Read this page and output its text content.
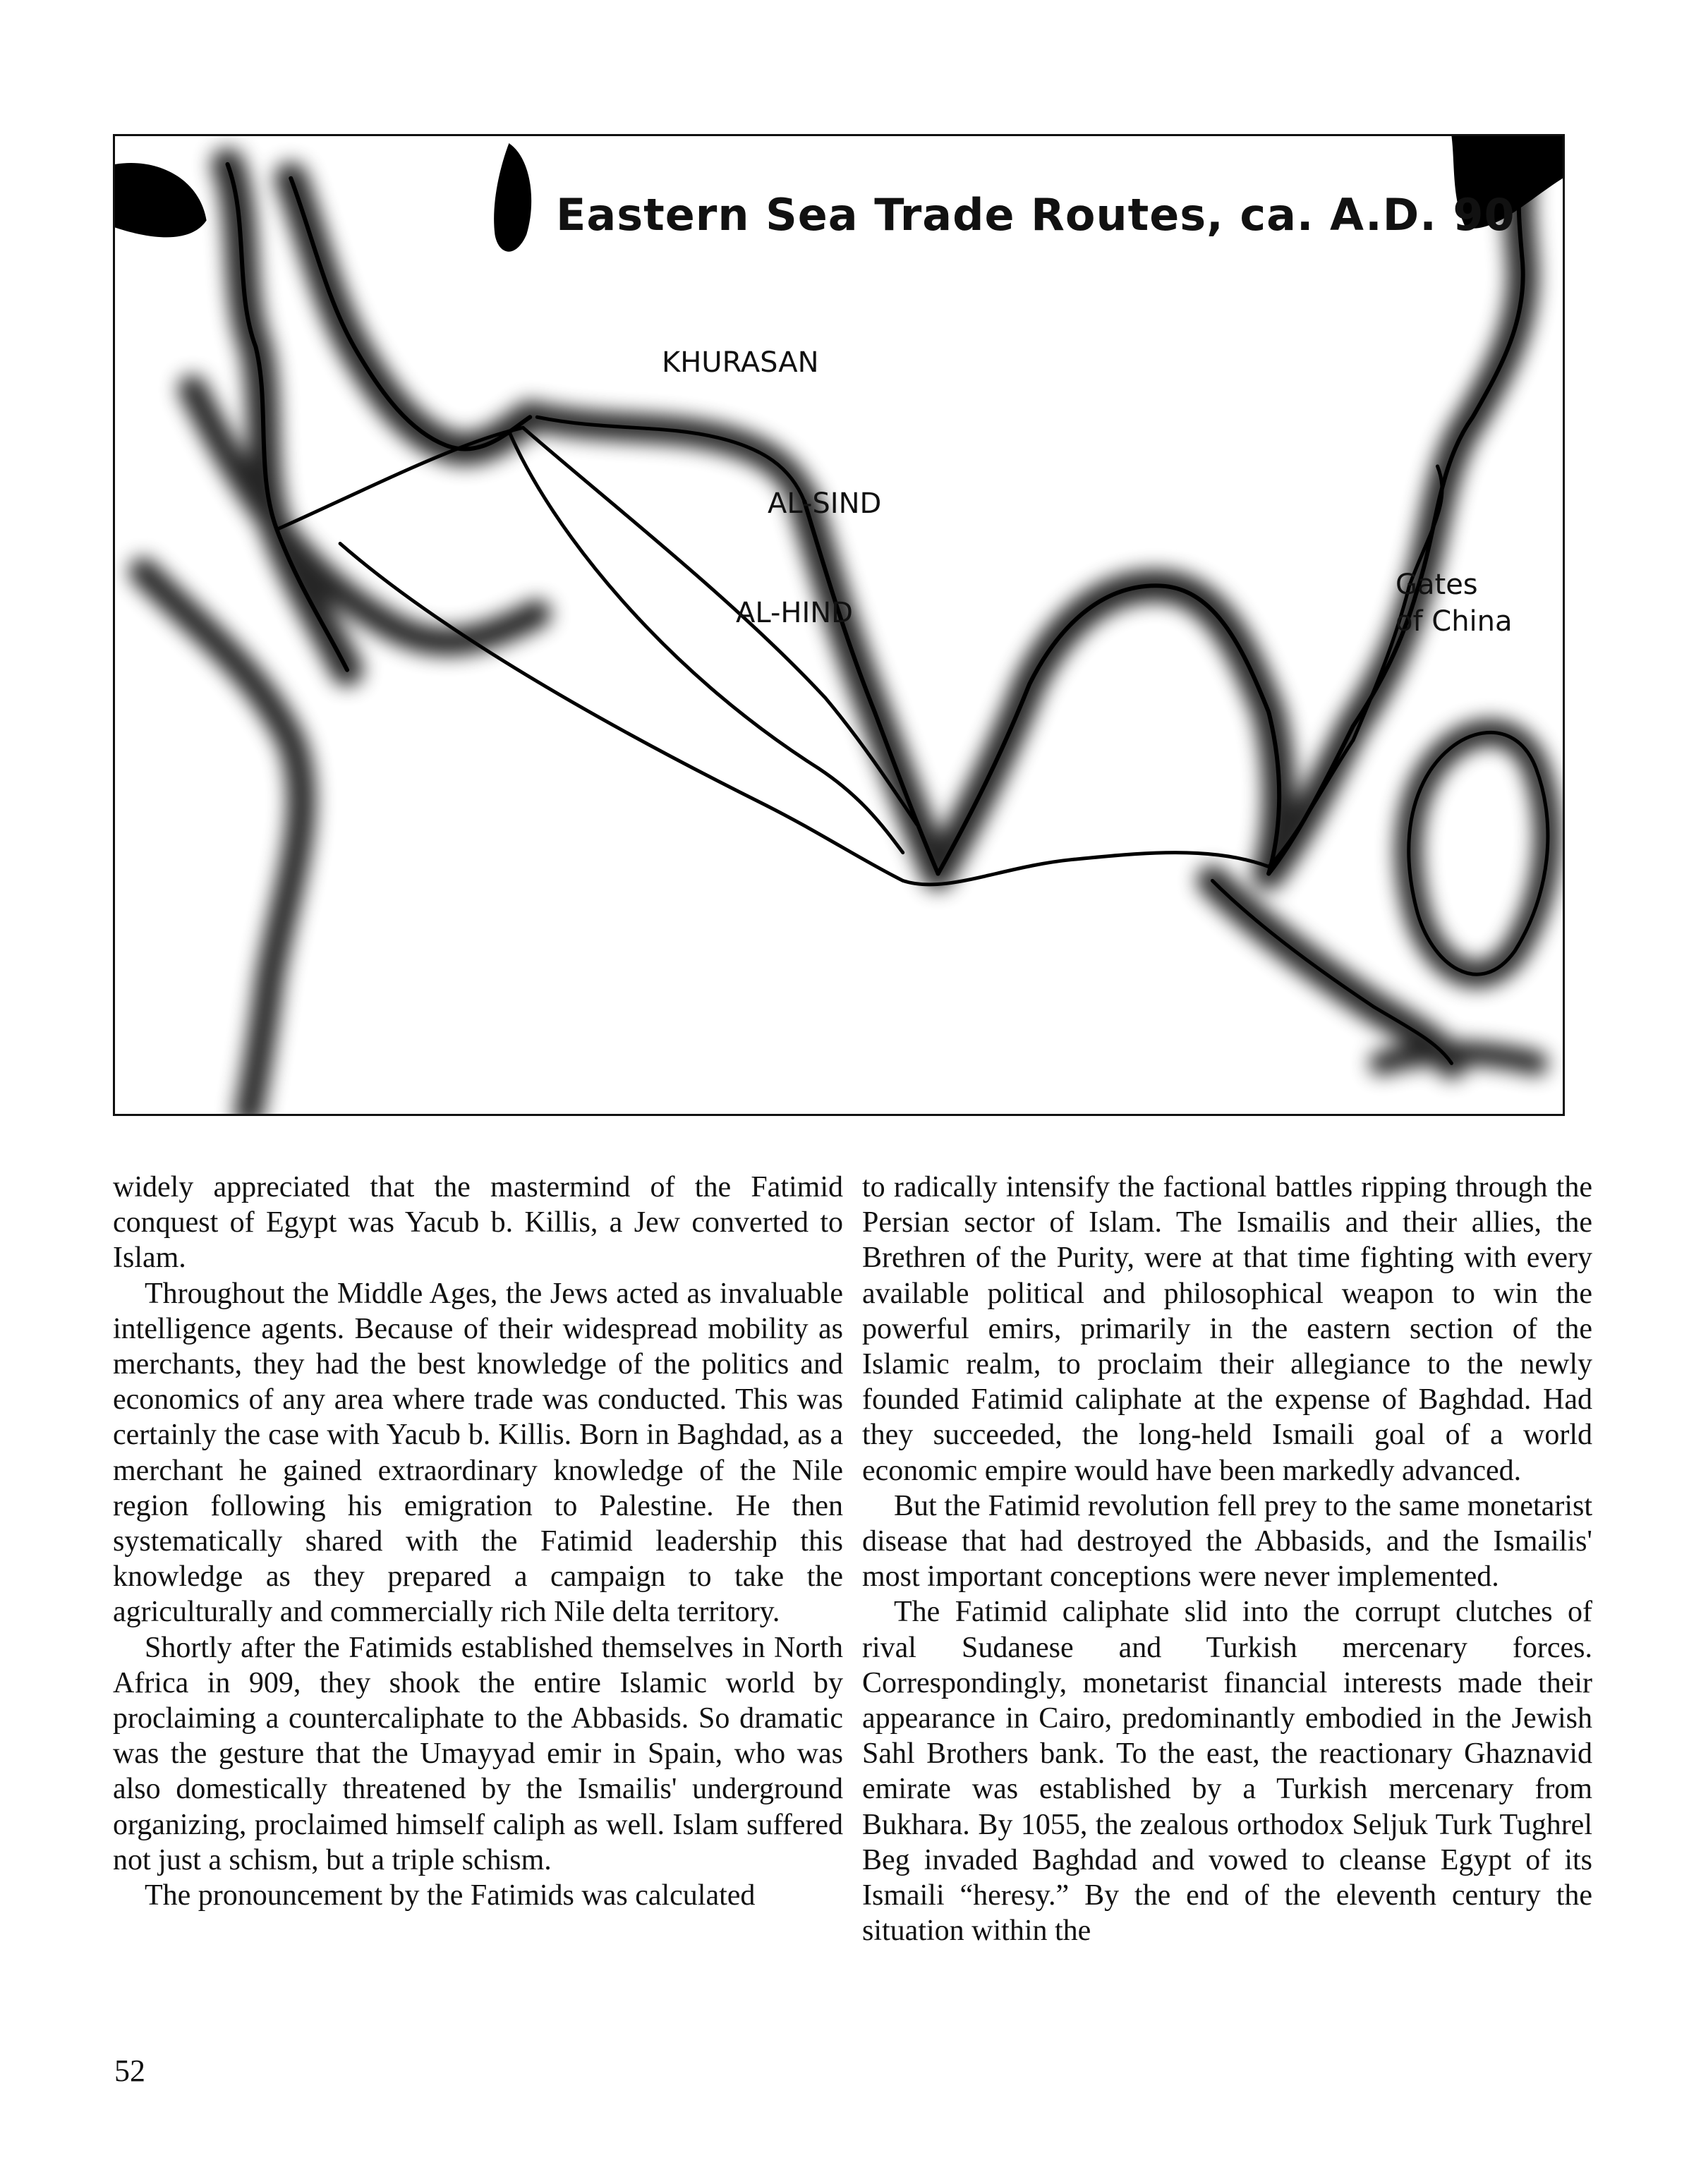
Eastern Sea Trade Routes, ca. A.D. 90
KHURASAN
AL-SIND
AL-HIND
Gates
of China

widely appreciated that the mastermind of the Fatimid conquest of Egypt was Yacub b. Killis, a Jew converted to Islam.

Throughout the Middle Ages, the Jews acted as invaluable intelligence agents. Because of their widespread mobility as merchants, they had the best knowledge of the politics and economics of any area where trade was conducted. This was certainly the case with Yacub b. Killis. Born in Baghdad, as a merchant he gained extraordinary knowledge of the Nile region following his emigration to Palestine. He then systematically shared with the Fatimid leadership this knowledge as they prepared a campaign to take the agriculturally and commercially rich Nile delta territory.

Shortly after the Fatimids established themselves in North Africa in 909, they shook the entire Islamic world by proclaiming a countercaliphate to the Abbasids. So dramatic was the gesture that the Umayyad emir in Spain, who was also domestically threatened by the Ismailis' underground organizing, proclaimed himself caliph as well. Islam suffered not just a schism, but a triple schism.

The pronouncement by the Fatimids was calculated

to radically intensify the factional battles ripping through the Persian sector of Islam. The Ismailis and their allies, the Brethren of the Purity, were at that time fighting with every available political and philosophical weapon to win the powerful emirs, primarily in the eastern section of the Islamic realm, to proclaim their allegiance to the newly founded Fatimid caliphate at the expense of Baghdad. Had they succeeded, the long-held Ismaili goal of a world economic empire would have been markedly advanced.

But the Fatimid revolution fell prey to the same monetarist disease that had destroyed the Abbasids, and the Ismailis' most important conceptions were never implemented.

The Fatimid caliphate slid into the corrupt clutches of rival Sudanese and Turkish mercenary forces. Correspondingly, monetarist financial interests made their appearance in Cairo, predominantly embodied in the Jewish Sahl Brothers bank. To the east, the reactionary Ghaznavid emirate was established by a Turkish mercenary from Bukhara. By 1055, the zealous orthodox Seljuk Turk Tughrel Beg invaded Baghdad and vowed to cleanse Egypt of its Ismaili “heresy.” By the end of the eleventh century the situation within the

52
